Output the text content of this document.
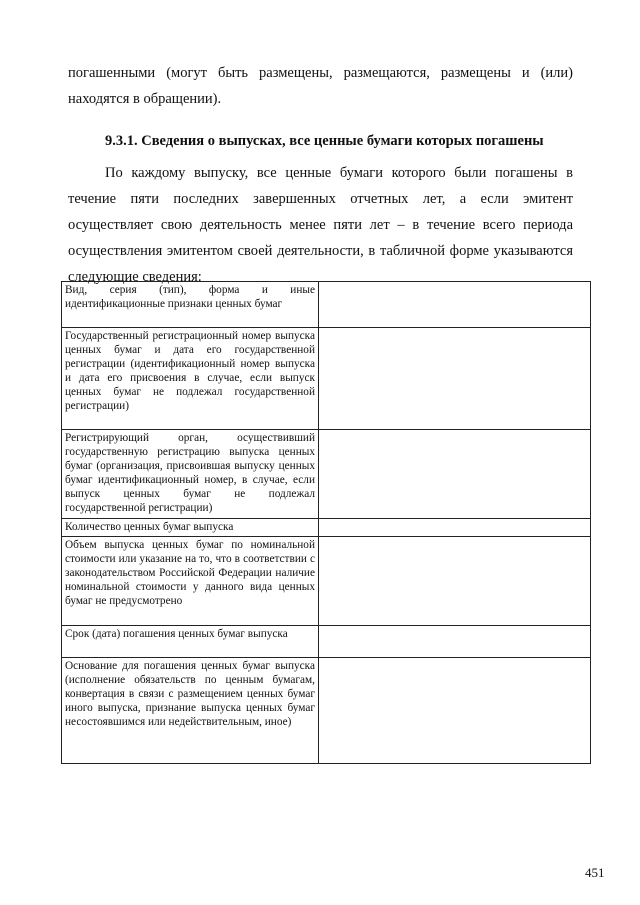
погашенными (могут быть размещены, размещаются, размещены и (или) находятся в обращении).

9.3.1. Сведения о выпусках, все ценные бумаги которых погашены

По каждому выпуску, все ценные бумаги которого были погашены в течение пяти последних завершенных отчетных лет, а если эмитент осуществляет свою деятельность менее пяти лет – в течение всего периода осуществления эмитентом своей деятельности, в табличной форме указываются следующие сведения:

Вид, серия (тип), форма и иные идентификационные признаки ценных бумаг	
Государственный регистрационный номер выпуска ценных бумаг и дата его государственной регистрации (идентификационный номер выпуска и дата его присвоения в случае, если выпуск ценных бумаг не подлежал государственной регистрации)	
Регистрирующий орган, осуществивший государственную регистрацию выпуска ценных бумаг (организация, присвоившая выпуску ценных бумаг идентификационный номер, в случае, если выпуск ценных бумаг не подлежал государственной регистрации)	
Количество ценных бумаг выпуска	
Объем выпуска ценных бумаг по номинальной стоимости или указание на то, что в соответствии с законодательством Российской Федерации наличие номинальной стоимости у данного вида ценных бумаг не предусмотрено	
Срок (дата) погашения ценных бумаг выпуска	
Основание для погашения ценных бумаг выпуска (исполнение обязательств по ценным бумагам, конвертация в связи с размещением ценных бумаг иного выпуска, признание выпуска ценных бумаг несостоявшимся или недействительным, иное)	
451
